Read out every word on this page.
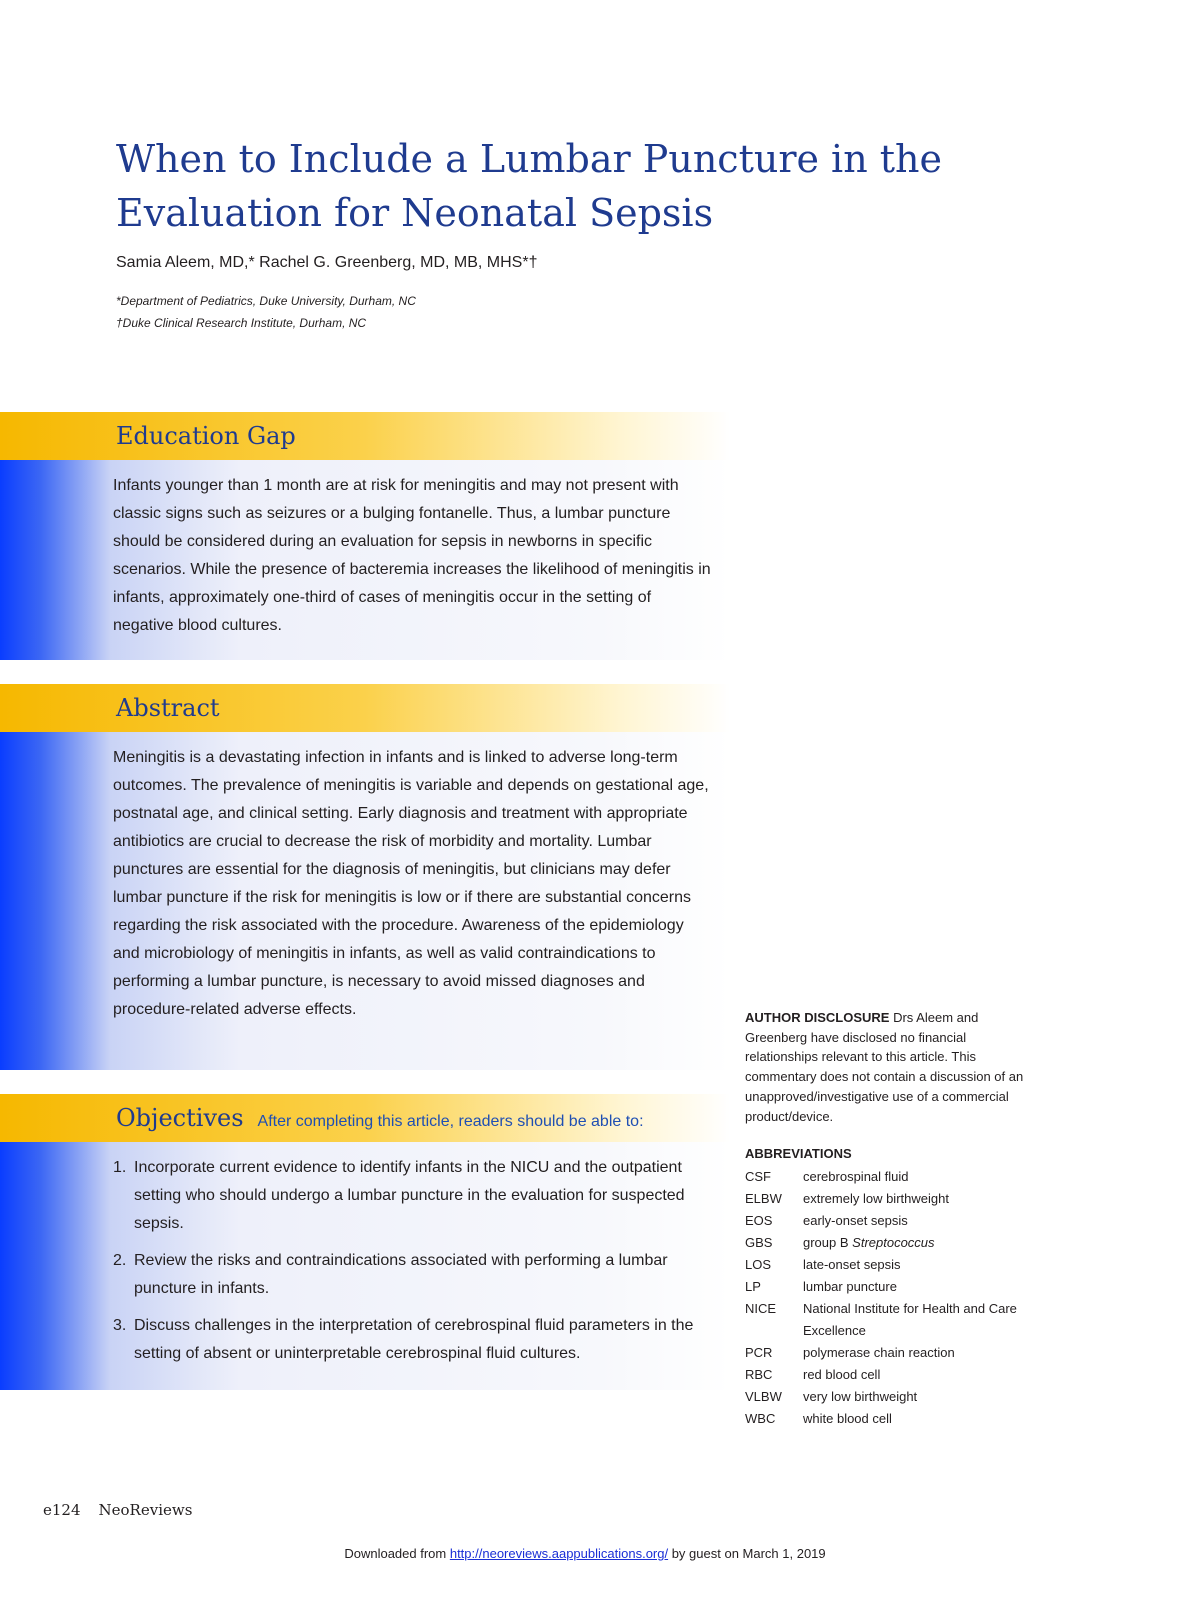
When to Include a Lumbar Puncture in the
Evaluation for Neonatal Sepsis
Samia Aleem, MD,* Rachel G. Greenberg, MD, MB, MHS*†
*Department of Pediatrics, Duke University, Durham, NC
†Duke Clinical Research Institute, Durham, NC
Education Gap
Infants younger than 1 month are at risk for meningitis and may not present with classic signs such as seizures or a bulging fontanelle. Thus, a lumbar puncture should be considered during an evaluation for sepsis in newborns in specific scenarios. While the presence of bacteremia increases the likelihood of meningitis in infants, approximately one-third of cases of meningitis occur in the setting of negative blood cultures.
Abstract
Meningitis is a devastating infection in infants and is linked to adverse long-term outcomes. The prevalence of meningitis is variable and depends on gestational age, postnatal age, and clinical setting. Early diagnosis and treatment with appropriate antibiotics are crucial to decrease the risk of morbidity and mortality. Lumbar punctures are essential for the diagnosis of meningitis, but clinicians may defer lumbar puncture if the risk for meningitis is low or if there are substantial concerns regarding the risk associated with the procedure. Awareness of the epidemiology and microbiology of meningitis in infants, as well as valid contraindications to performing a lumbar puncture, is necessary to avoid missed diagnoses and procedure-related adverse effects.
Objectives After completing this article, readers should be able to:
1. Incorporate current evidence to identify infants in the NICU and the outpatient setting who should undergo a lumbar puncture in the evaluation for suspected sepsis.
2. Review the risks and contraindications associated with performing a lumbar puncture in infants.
3. Discuss challenges in the interpretation of cerebrospinal fluid parameters in the setting of absent or uninterpretable cerebrospinal fluid cultures.
AUTHOR DISCLOSURE Drs Aleem and Greenberg have disclosed no financial relationships relevant to this article. This commentary does not contain a discussion of an unapproved/investigative use of a commercial product/device.
ABBREVIATIONS
CSF	cerebrospinal fluid
ELBW	extremely low birthweight
EOS	early-onset sepsis
GBS	group B Streptococcus
LOS	late-onset sepsis
LP	lumbar puncture
NICE	National Institute for Health and Care Excellence
PCR	polymerase chain reaction
RBC	red blood cell
VLBW	very low birthweight
WBC	white blood cell
e124 NeoReviews
Downloaded from http://neoreviews.aappublications.org/ by guest on March 1, 2019
